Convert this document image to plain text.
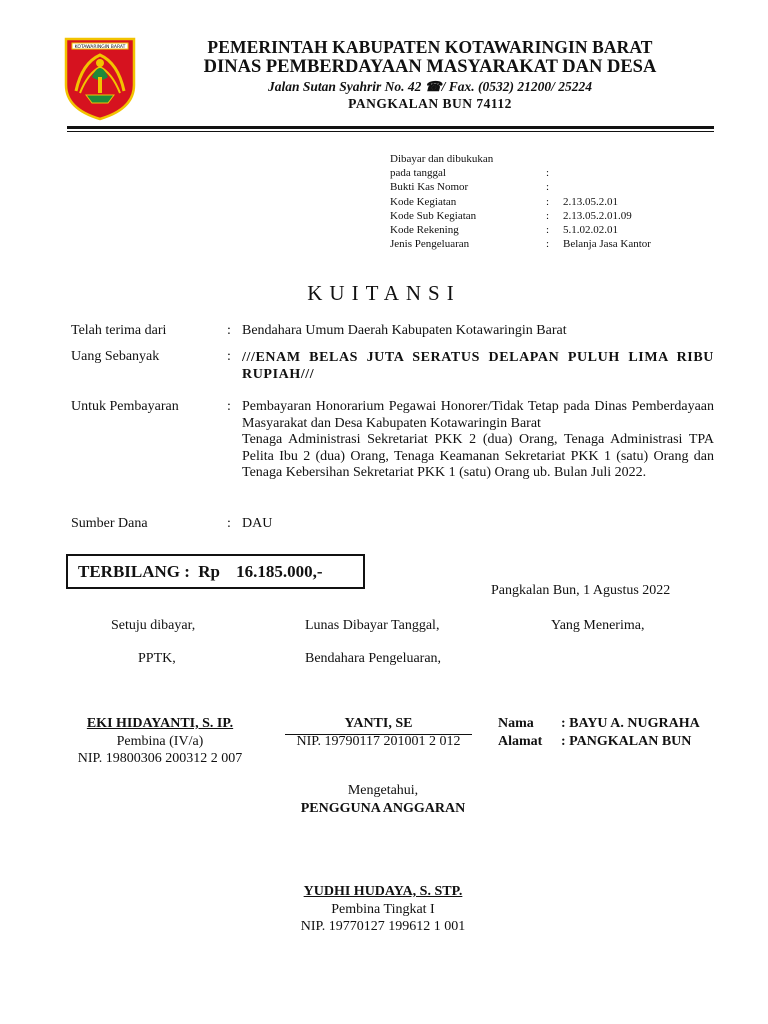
KOTAWARINGIN BARAT	PEMERINTAH KABUPATEN KOTAWARINGIN BARAT
DINAS PEMBERDAYAAN MASYARAKAT DAN DESA
Jalan Sutan Syahrir No. 42 ☎/ Fax. (0532) 21200/ 25224
PANGKALAN BUN 74112
Dibayar dan dibukukan
pada tanggal	:
Bukti Kas Nomor	:
Kode Kegiatan	:	2.13.05.2.01
Kode Sub Kegiatan	:	2.13.05.2.01.09
Kode Rekening	:	5.1.02.02.01
Jenis Pengeluaran	:	Belanja Jasa Kantor
KUITANSI
Telah terima dari	: Bendahara Umum Daerah Kabupaten Kotawaringin Barat
Uang Sebanyak	: ///ENAM BELAS JUTA SERATUS DELAPAN PULUH LIMA RIBU RUPIAH///
Untuk Pembayaran	: Pembayaran Honorarium Pegawai Honorer/Tidak Tetap pada Dinas Pemberdayaan Masyarakat dan Desa Kabupaten Kotawaringin Barat
Tenaga Administrasi Sekretariat PKK 2 (dua) Orang, Tenaga Administrasi TPA Pelita Ibu 2 (dua) Orang, Tenaga Keamanan Sekretariat PKK 1 (satu) Orang dan Tenaga Kebersihan Sekretariat PKK 1 (satu) Orang ub. Bulan Juli 2022.
Sumber Dana	: DAU
TERBILANG : Rp 16.185.000,-
Pangkalan Bun, 1 Agustus 2022
Setuju dibayar,	Lunas Dibayar Tanggal,	Yang Menerima,
PPTK,	Bendahara Pengeluaran,
EKI HIDAYANTI, S. IP.
Pembina (IV/a)
NIP. 19800306 200312 2 007
YANTI, SE
NIP. 19790117 201001 2 012
Nama : BAYU A. NUGRAHA
Alamat : PANGKALAN BUN
Mengetahui,
PENGGUNA ANGGARAN
YUDHI HUDAYA, S. STP.
Pembina Tingkat I
NIP. 19770127 199612 1 001
